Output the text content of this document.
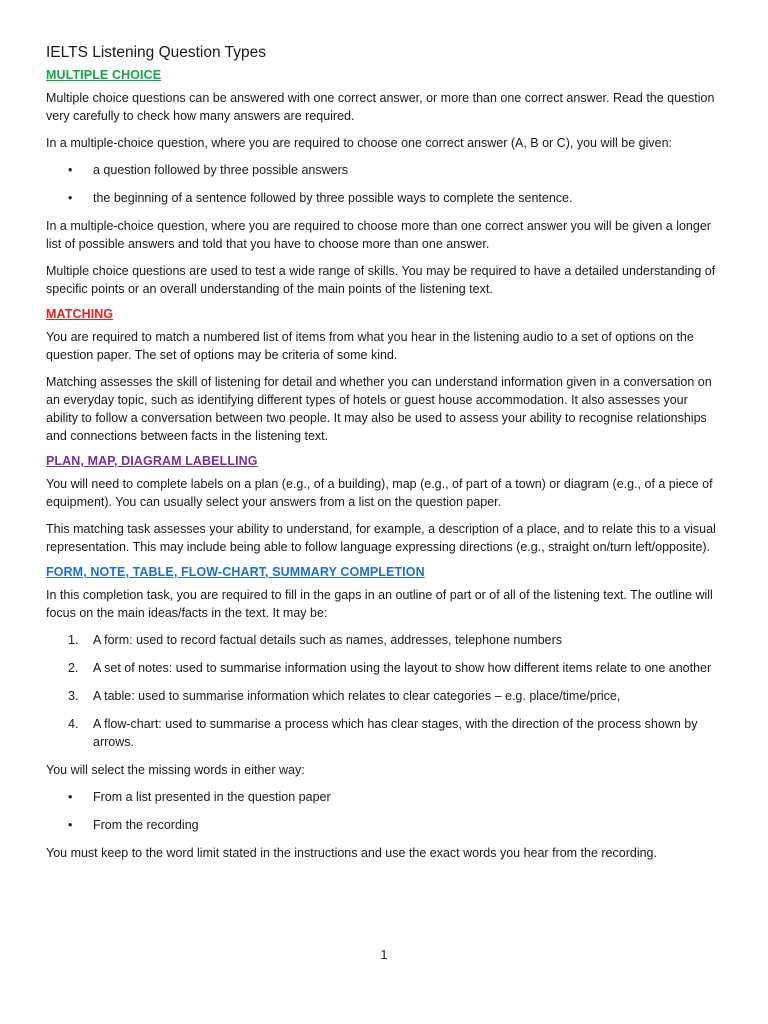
IELTS Listening Question Types
MULTIPLE CHOICE

Multiple choice questions can be answered with one correct answer, or more than one correct answer. Read the question very carefully to check how many answers are required.

In a multiple-choice question, where you are required to choose one correct answer (A, B or C), you will be given:

• a question followed by three possible answers
• the beginning of a sentence followed by three possible ways to complete the sentence.

In a multiple-choice question, where you are required to choose more than one correct answer you will be given a longer list of possible answers and told that you have to choose more than one answer.

Multiple choice questions are used to test a wide range of skills. You may be required to have a detailed understanding of specific points or an overall understanding of the main points of the listening text.

MATCHING

You are required to match a numbered list of items from what you hear in the listening audio to a set of options on the question paper. The set of options may be criteria of some kind.

Matching assesses the skill of listening for detail and whether you can understand information given in a conversation on an everyday topic, such as identifying different types of hotels or guest house accommodation. It also assesses your ability to follow a conversation between two people. It may also be used to assess your ability to recognise relationships and connections between facts in the listening text.

PLAN, MAP, DIAGRAM LABELLING

You will need to complete labels on a plan (e.g., of a building), map (e.g., of part of a town) or diagram (e.g., of a piece of equipment). You can usually select your answers from a list on the question paper.

This matching task assesses your ability to understand, for example, a description of a place, and to relate this to a visual representation. This may include being able to follow language expressing directions (e.g., straight on/turn left/opposite).

FORM, NOTE, TABLE, FLOW-CHART, SUMMARY COMPLETION

In this completion task, you are required to fill in the gaps in an outline of part or of all of the listening text. The outline will focus on the main ideas/facts in the text. It may be:

1. A form: used to record factual details such as names, addresses, telephone numbers
2. A set of notes: used to summarise information using the layout to show how different items relate to one another
3. A table: used to summarise information which relates to clear categories – e.g. place/time/price,
4. A flow-chart: used to summarise a process which has clear stages, with the direction of the process shown by arrows.

You will select the missing words in either way:

• From a list presented in the question paper
• From the recording

You must keep to the word limit stated in the instructions and use the exact words you hear from the recording.

1
